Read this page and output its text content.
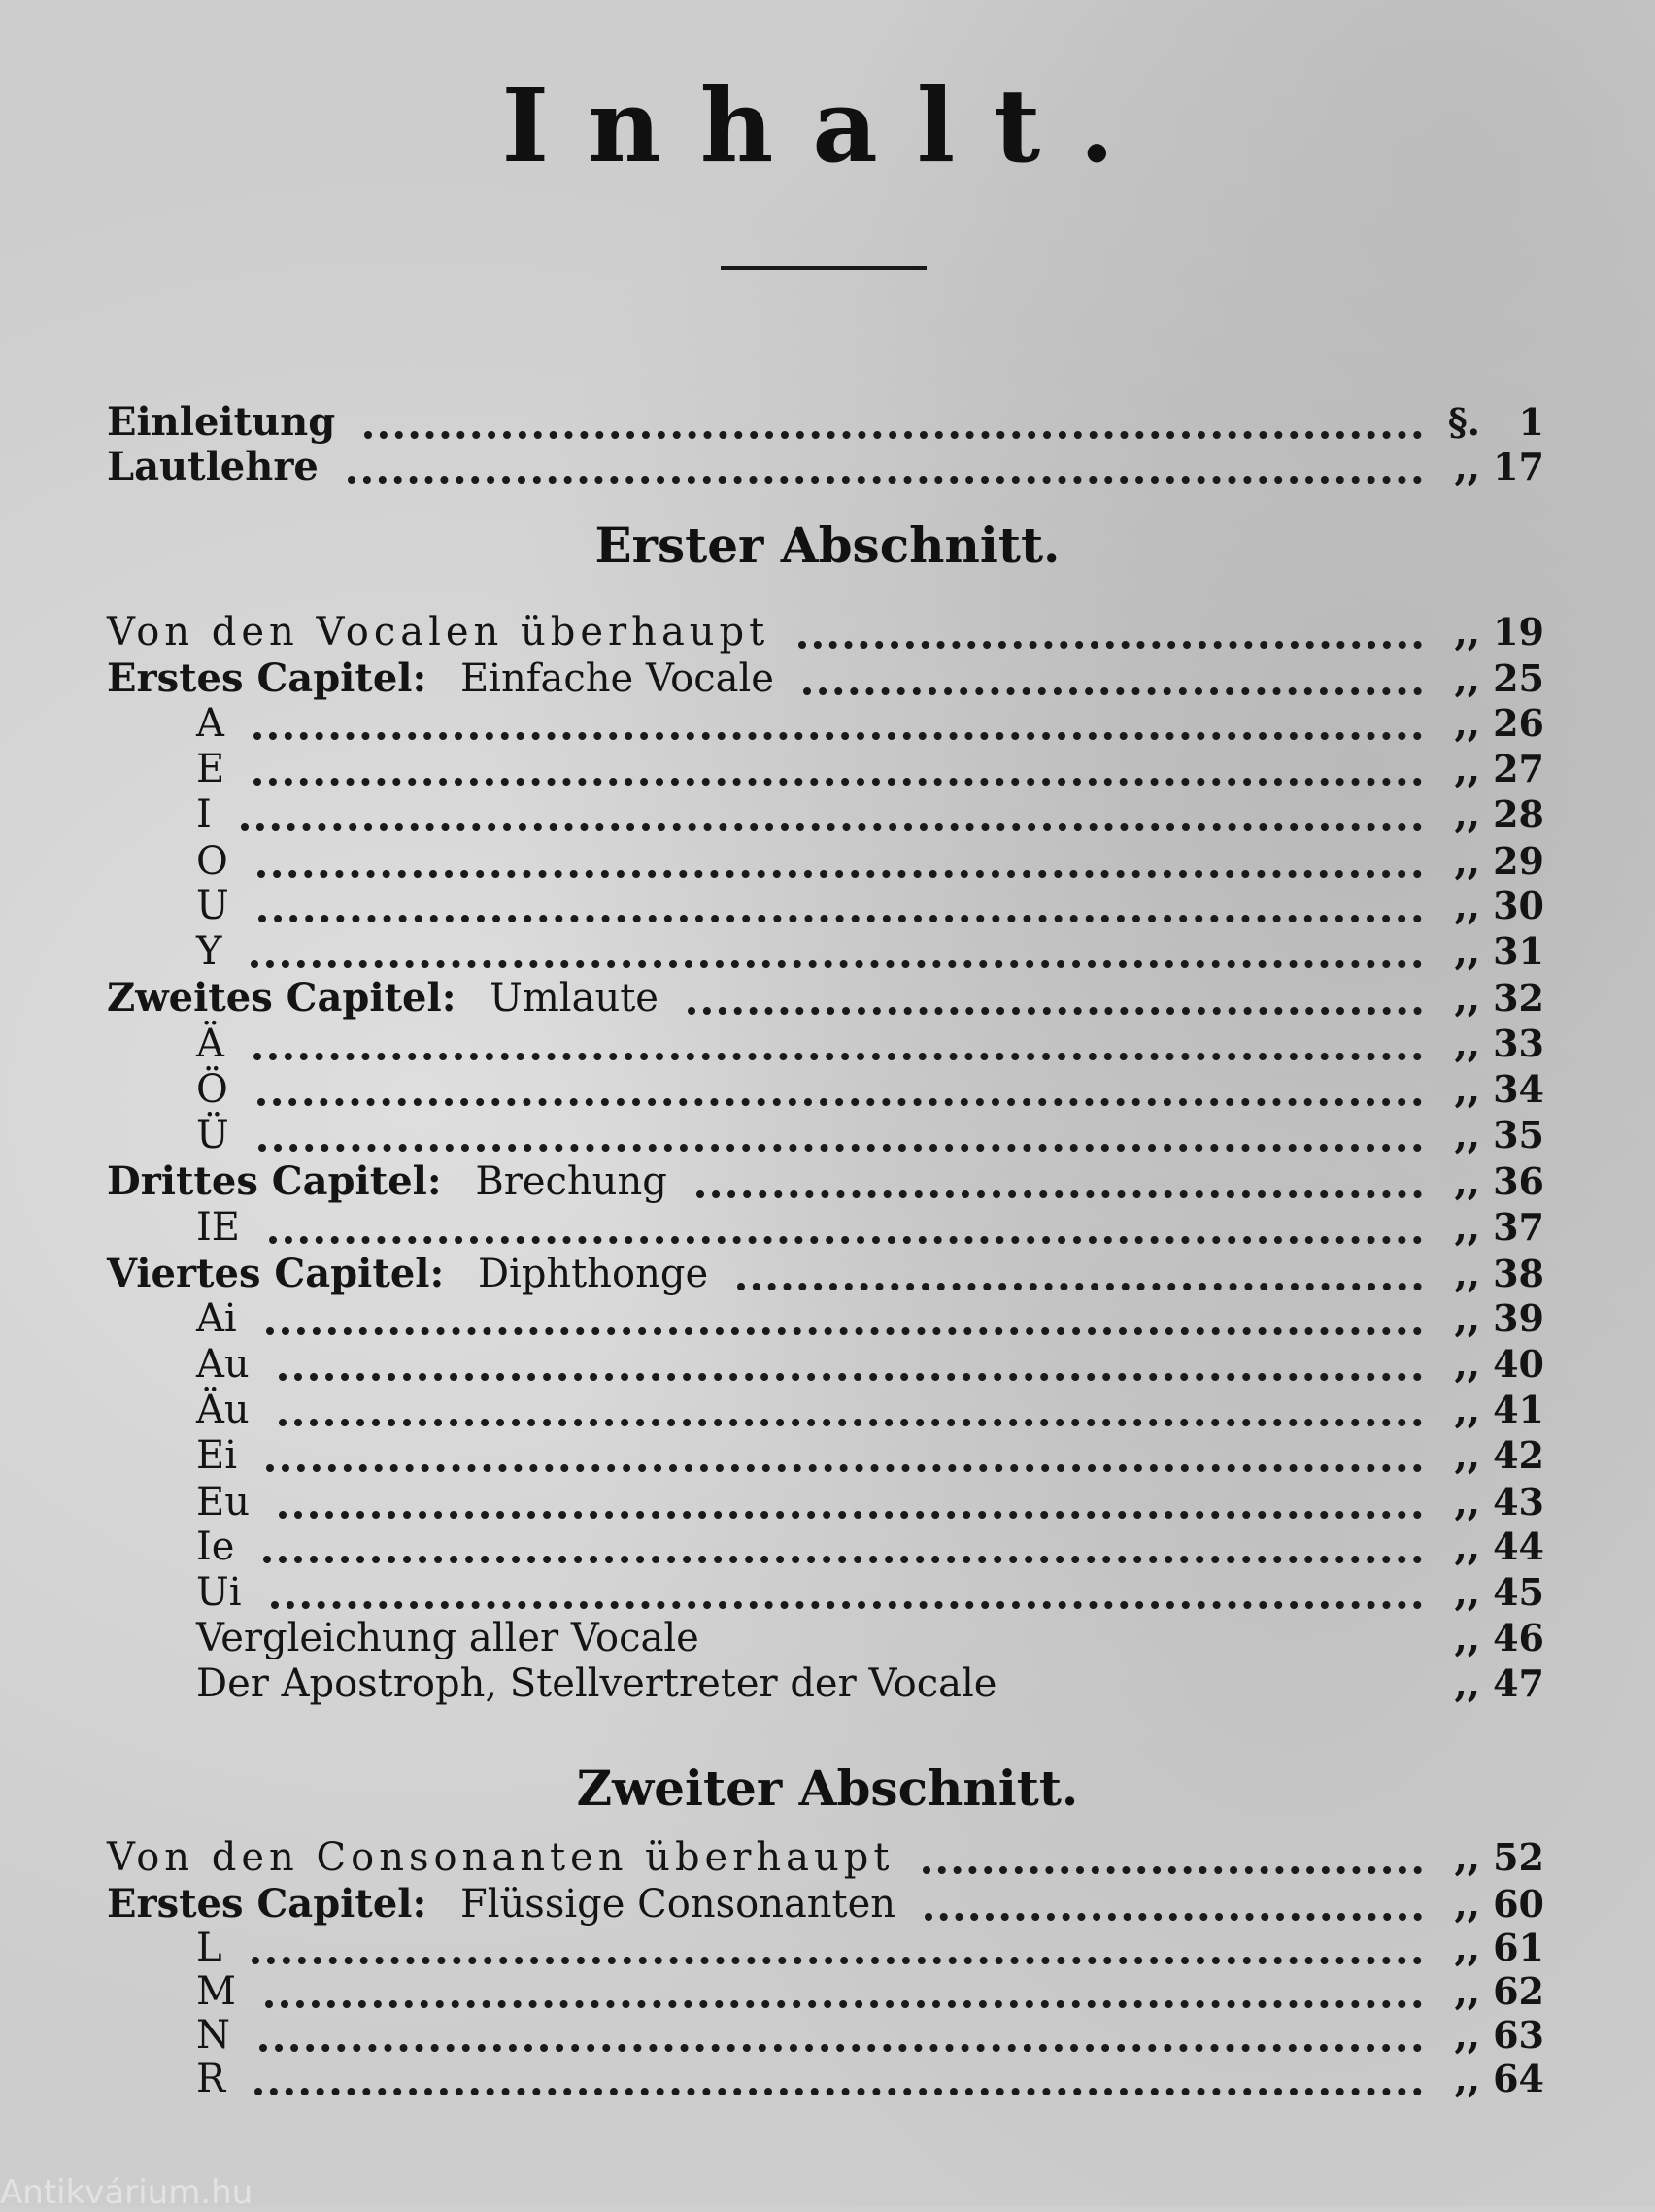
Inhalt.
Einleitung	§.	1
Lautlehre	,, 17
Erster Abschnitt.
Von den Vocalen überhaupt	,, 19
Erstes Capitel: Einfache Vocale	,, 25
A	,, 26
E	,, 27
I	,, 28
O	,, 29
U	,, 30
Y	,, 31
Zweites Capitel: Umlaute	,, 32
Ä	,, 33
Ö	,, 34
Ü	,, 35
Drittes Capitel: Brechung	,, 36
IE	,, 37
Viertes Capitel: Diphthonge	,, 38
Ai	,, 39
Au	,, 40
Äu	,, 41
Ei	,, 42
Eu	,, 43
Ie	,, 44
Ui	,, 45
Vergleichung aller Vocale	,, 46
Der Apostroph, Stellvertreter der Vocale	,, 47
Zweiter Abschnitt.
Von den Consonanten überhaupt	,, 52
Erstes Capitel: Flüssige Consonanten	,, 60
L	,, 61
M	,, 62
N	,, 63
R	,, 64
Antikvárium.hu
